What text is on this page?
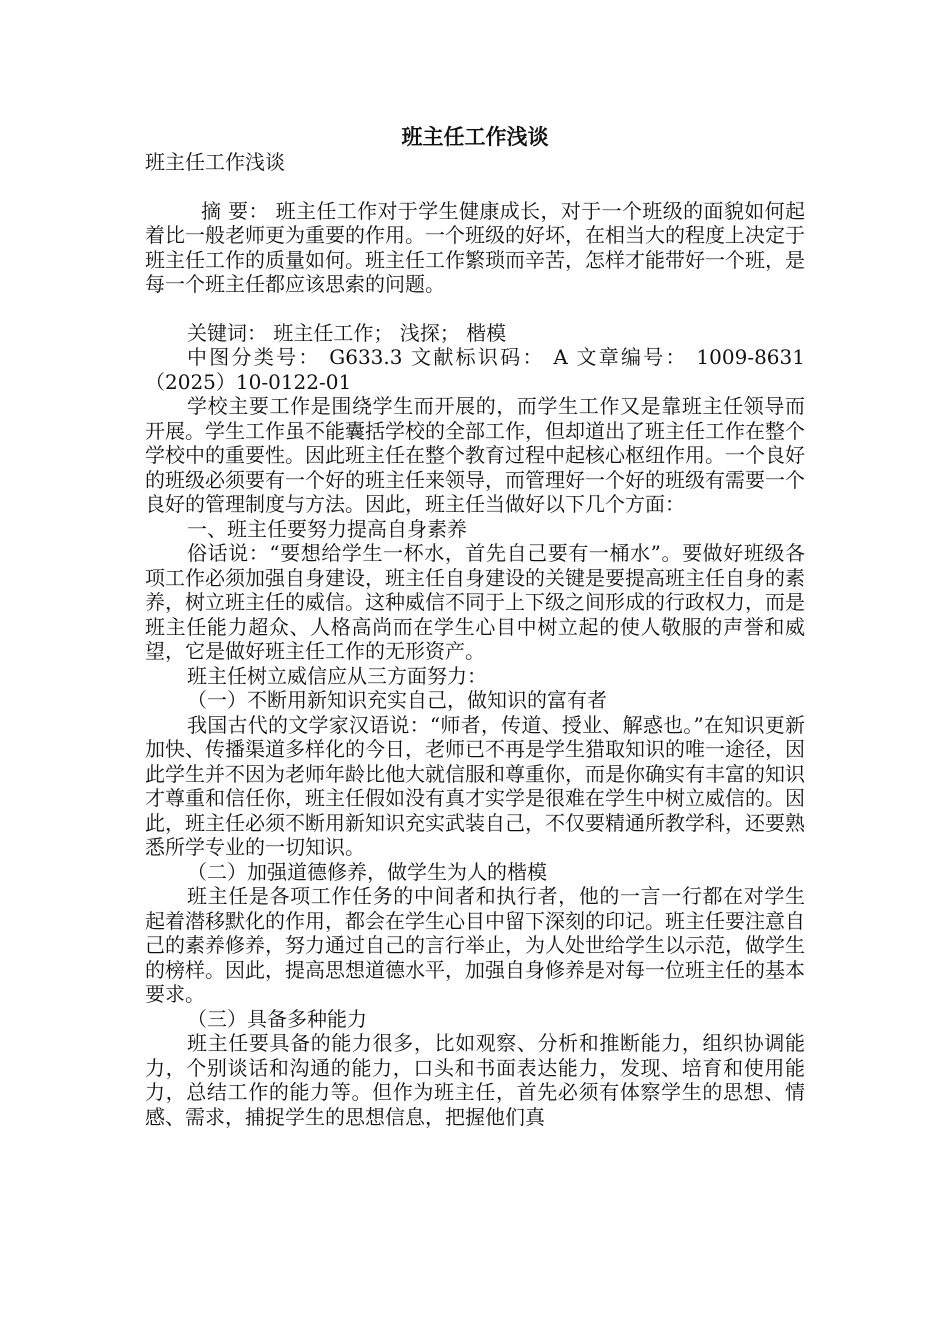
班主任工作浅谈

班主任工作浅谈

摘 要： 班主任工作对于学生健康成长，对于一个班级的面貌如何起着比一般老师更为重要的作用。一个班级的好坏，在相当大的程度上决定于班主任工作的质量如何。班主任工作繁琐而辛苦，怎样才能带好一个班，是每一个班主任都应该思索的问题。

关键词： 班主任工作； 浅探； 楷模

中图分类号： G633.3 文献标识码： A 文章编号： 1009-8631（2025）10-0122-01

学校主要工作是围绕学生而开展的，而学生工作又是靠班主任领导而开展。学生工作虽不能囊括学校的全部工作，但却道出了班主任工作在整个学校中的重要性。因此班主任在整个教育过程中起核心枢纽作用。一个良好的班级必须要有一个好的班主任来领导，而管理好一个好的班级有需要一个良好的管理制度与方法。因此，班主任当做好以下几个方面：

一、班主任要努力提高自身素养

俗话说：“要想给学生一杯水，首先自己要有一桶水”。要做好班级各项工作必须加强自身建设，班主任自身建设的关键是要提高班主任自身的素养，树立班主任的威信。这种威信不同于上下级之间形成的行政权力，而是班主任能力超众、人格高尚而在学生心目中树立起的使人敬服的声誉和威望，它是做好班主任工作的无形资产。

班主任树立威信应从三方面努力：

（一）不断用新知识充实自己，做知识的富有者

我国古代的文学家汉语说：“师者，传道、授业、解惑也。”在知识更新加快、传播渠道多样化的今日，老师已不再是学生猎取知识的唯一途径，因此学生并不因为老师年龄比他大就信服和尊重你，而是你确实有丰富的知识才尊重和信任你，班主任假如没有真才实学是很难在学生中树立威信的。因此，班主任必须不断用新知识充实武装自己，不仅要精通所教学科，还要熟悉所学专业的一切知识。

（二）加强道德修养，做学生为人的楷模

班主任是各项工作任务的中间者和执行者，他的一言一行都在对学生起着潜移默化的作用，都会在学生心目中留下深刻的印记。班主任要注意自己的素养修养，努力通过自己的言行举止，为人处世给学生以示范，做学生的榜样。因此，提高思想道德水平，加强自身修养是对每一位班主任的基本要求。

（三）具备多种能力

班主任要具备的能力很多，比如观察、分析和推断能力，组织协调能力，个别谈话和沟通的能力，口头和书面表达能力，发现、培育和使用能力，总结工作的能力等。但作为班主任，首先必须有体察学生的思想、情感、需求，捕捉学生的思想信息，把握他们真
